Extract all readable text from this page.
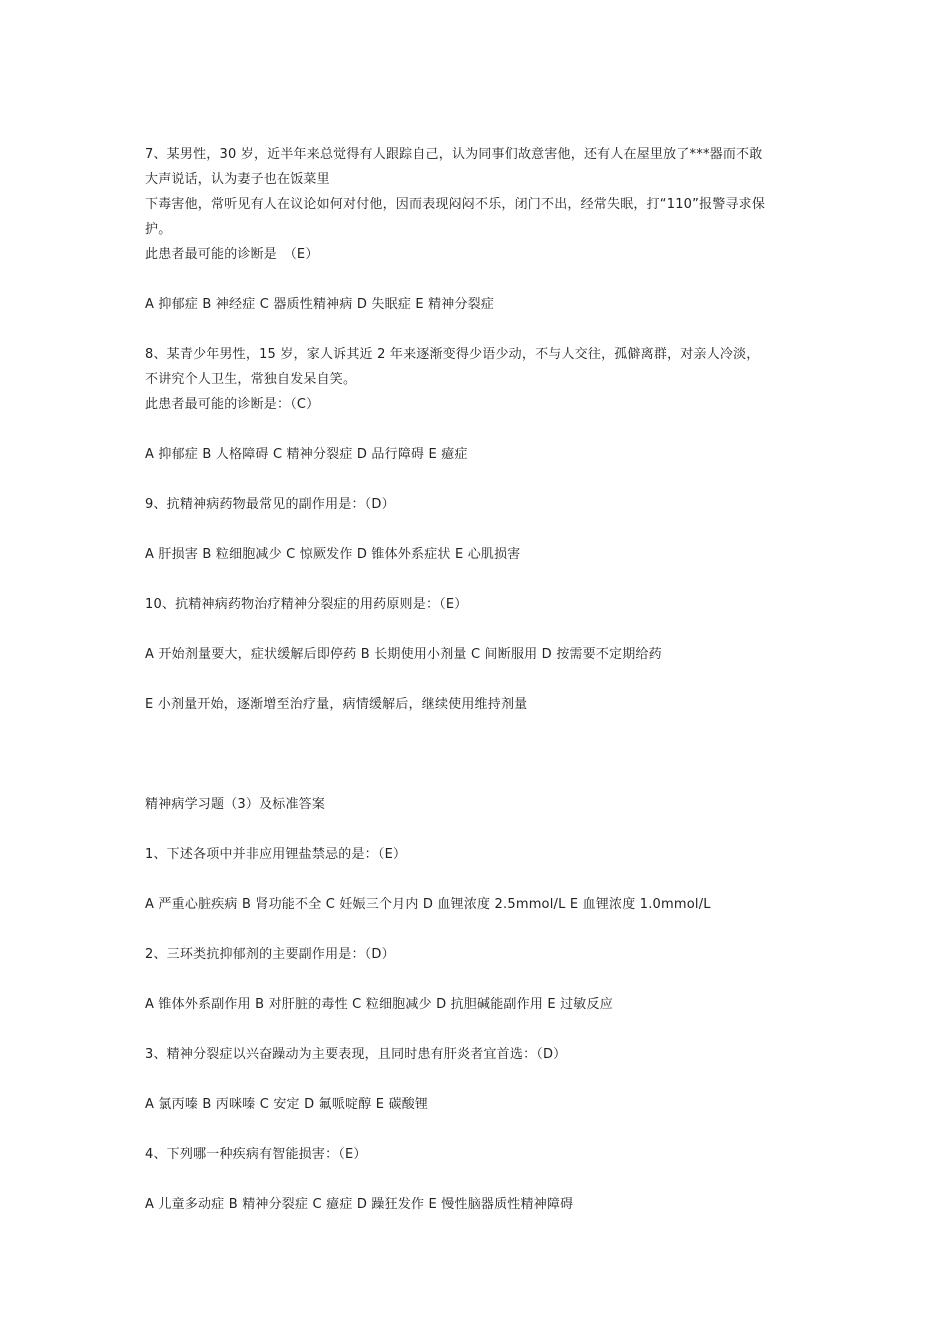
7、某男性，30 岁，近半年来总觉得有人跟踪自己，认为同事们故意害他，还有人在屋里放了***器而不敢
大声说话，认为妻子也在饭菜里
下毒害他，常听见有人在议论如何对付他，因而表现闷闷不乐，闭门不出，经常失眠，打“110”报警寻求保
护。
此患者最可能的诊断是　（E）
A 抑郁症 B 神经症 C 器质性精神病 D 失眠症 E 精神分裂症
8、某青少年男性，15 岁，家人诉其近 2 年来逐渐变得少语少动，不与人交往，孤僻离群，对亲人冷淡，
不讲究个人卫生，常独自发呆自笑。
此患者最可能的诊断是：（C）
A 抑郁症 B 人格障碍 C 精神分裂症 D 品行障碍 E 癔症
9、抗精神病药物最常见的副作用是：（D）
A 肝损害 B 粒细胞减少 C 惊厥发作 D 锥体外系症状 E 心肌损害
10、抗精神病药物治疗精神分裂症的用药原则是：（E）
A 开始剂量要大，症状缓解后即停药 B 长期使用小剂量 C 间断服用 D 按需要不定期给药
E 小剂量开始，逐渐增至治疗量，病情缓解后，继续使用维持剂量
精神病学习题（3）及标准答案
1、下述各项中并非应用锂盐禁忌的是：（E）
A 严重心脏疾病 B 肾功能不全 C 妊娠三个月内 D 血锂浓度 2.5mmol/L E 血锂浓度 1.0mmol/L
2、三环类抗抑郁剂的主要副作用是：（D）
A 锥体外系副作用 B 对肝脏的毒性 C 粒细胞减少 D 抗胆碱能副作用 E 过敏反应
3、精神分裂症以兴奋躁动为主要表现，且同时患有肝炎者宜首选：（D）
A 氯丙嗪 B 丙咪嗪 C 安定 D 氟哌啶醇 E 碳酸锂
4、下列哪一种疾病有智能损害：（E）
A 儿童多动症 B 精神分裂症 C 癔症 D 躁狂发作 E 慢性脑器质性精神障碍
